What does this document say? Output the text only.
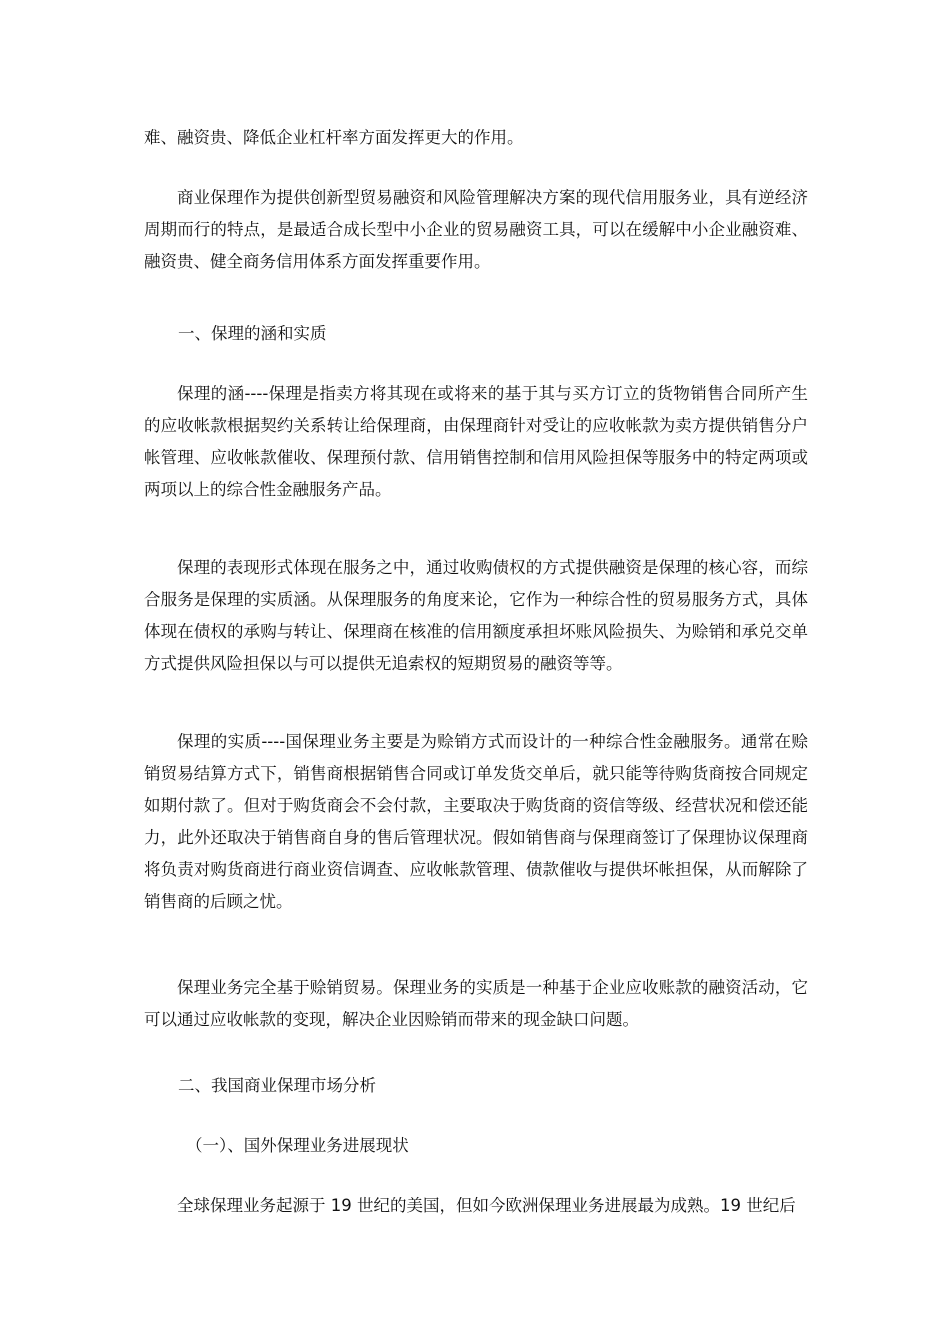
难、融资贵、降低企业杠杆率方面发挥更大的作用。

商业保理作为提供创新型贸易融资和风险管理解决方案的现代信用服务业，具有逆经济周期而行的特点，是最适合成长型中小企业的贸易融资工具，可以在缓解中小企业融资难、融资贵、健全商务信用体系方面发挥重要作用。

一、保理的涵和实质

保理的涵----保理是指卖方将其现在或将来的基于其与买方订立的货物销售合同所产生的应收帐款根据契约关系转让给保理商，由保理商针对受让的应收帐款为卖方提供销售分户帐管理、应收帐款催收、保理预付款、信用销售控制和信用风险担保等服务中的特定两项或两项以上的综合性金融服务产品。

保理的表现形式体现在服务之中，通过收购债权的方式提供融资是保理的核心容，而综合服务是保理的实质涵。从保理服务的角度来论，它作为一种综合性的贸易服务方式，具体体现在债权的承购与转让、保理商在核准的信用额度承担坏账风险损失、为赊销和承兑交单方式提供风险担保以与可以提供无追索权的短期贸易的融资等等。

保理的实质----国保理业务主要是为赊销方式而设计的一种综合性金融服务。通常在赊销贸易结算方式下，销售商根据销售合同或订单发货交单后，就只能等待购货商按合同规定如期付款了。但对于购货商会不会付款，主要取决于购货商的资信等级、经营状况和偿还能力，此外还取决于销售商自身的售后管理状况。假如销售商与保理商签订了保理协议保理商将负责对购货商进行商业资信调查、应收帐款管理、债款催收与提供坏帐担保，从而解除了销售商的后顾之忧。

保理业务完全基于赊销贸易。保理业务的实质是一种基于企业应收账款的融资活动，它可以通过应收帐款的变现，解决企业因赊销而带来的现金缺口问题。

二、我国商业保理市场分析

（一）、国外保理业务进展现状

全球保理业务起源于 19 世纪的美国，但如今欧洲保理业务进展最为成熟。19 世纪后
